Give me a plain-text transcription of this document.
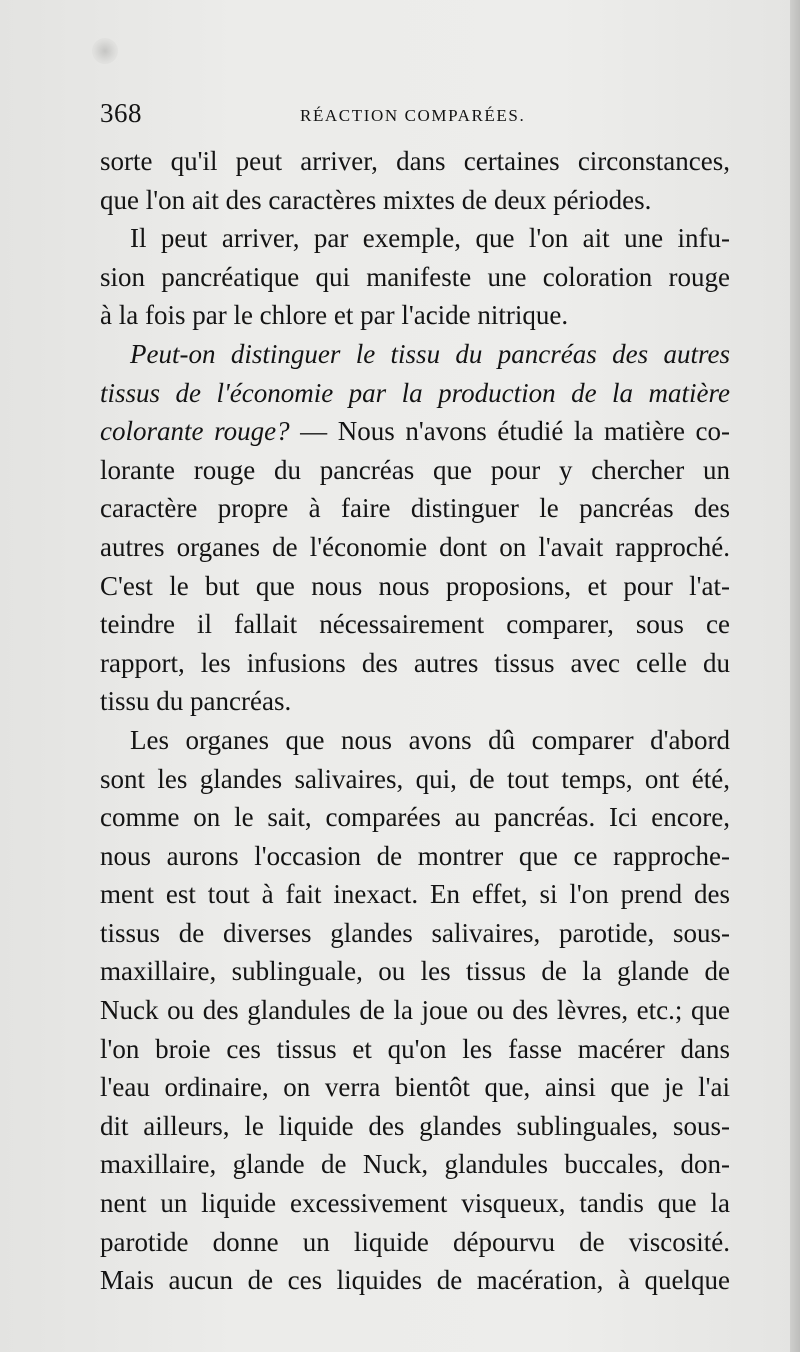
368	RÉACTION COMPARÉES.
sorte qu'il peut arriver, dans certaines circonstances,
que l'on ait des caractères mixtes de deux périodes.
Il peut arriver, par exemple, que l'on ait une infu-
sion pancréatique qui manifeste une coloration rouge
à la fois par le chlore et par l'acide nitrique.
Peut-on distinguer le tissu du pancréas des autres
tissus de l'économie par la production de la matière
colorante rouge? — Nous n'avons étudié la matière co-
lorante rouge du pancréas que pour y chercher un
caractère propre à faire distinguer le pancréas des
autres organes de l'économie dont on l'avait rapproché.
C'est le but que nous nous proposions, et pour l'at-
teindre il fallait nécessairement comparer, sous ce
rapport, les infusions des autres tissus avec celle du
tissu du pancréas.
Les organes que nous avons dû comparer d'abord
sont les glandes salivaires, qui, de tout temps, ont été,
comme on le sait, comparées au pancréas. Ici encore,
nous aurons l'occasion de montrer que ce rapproche-
ment est tout à fait inexact. En effet, si l'on prend des
tissus de diverses glandes salivaires, parotide, sous-
maxillaire, sublinguale, ou les tissus de la glande de
Nuck ou des glandules de la joue ou des lèvres, etc.; que
l'on broie ces tissus et qu'on les fasse macérer dans
l'eau ordinaire, on verra bientôt que, ainsi que je l'ai
dit ailleurs, le liquide des glandes sublinguales, sous-
maxillaire, glande de Nuck, glandules buccales, don-
nent un liquide excessivement visqueux, tandis que la
parotide donne un liquide dépourvu de viscosité.
Mais aucun de ces liquides de macération, à quelque
